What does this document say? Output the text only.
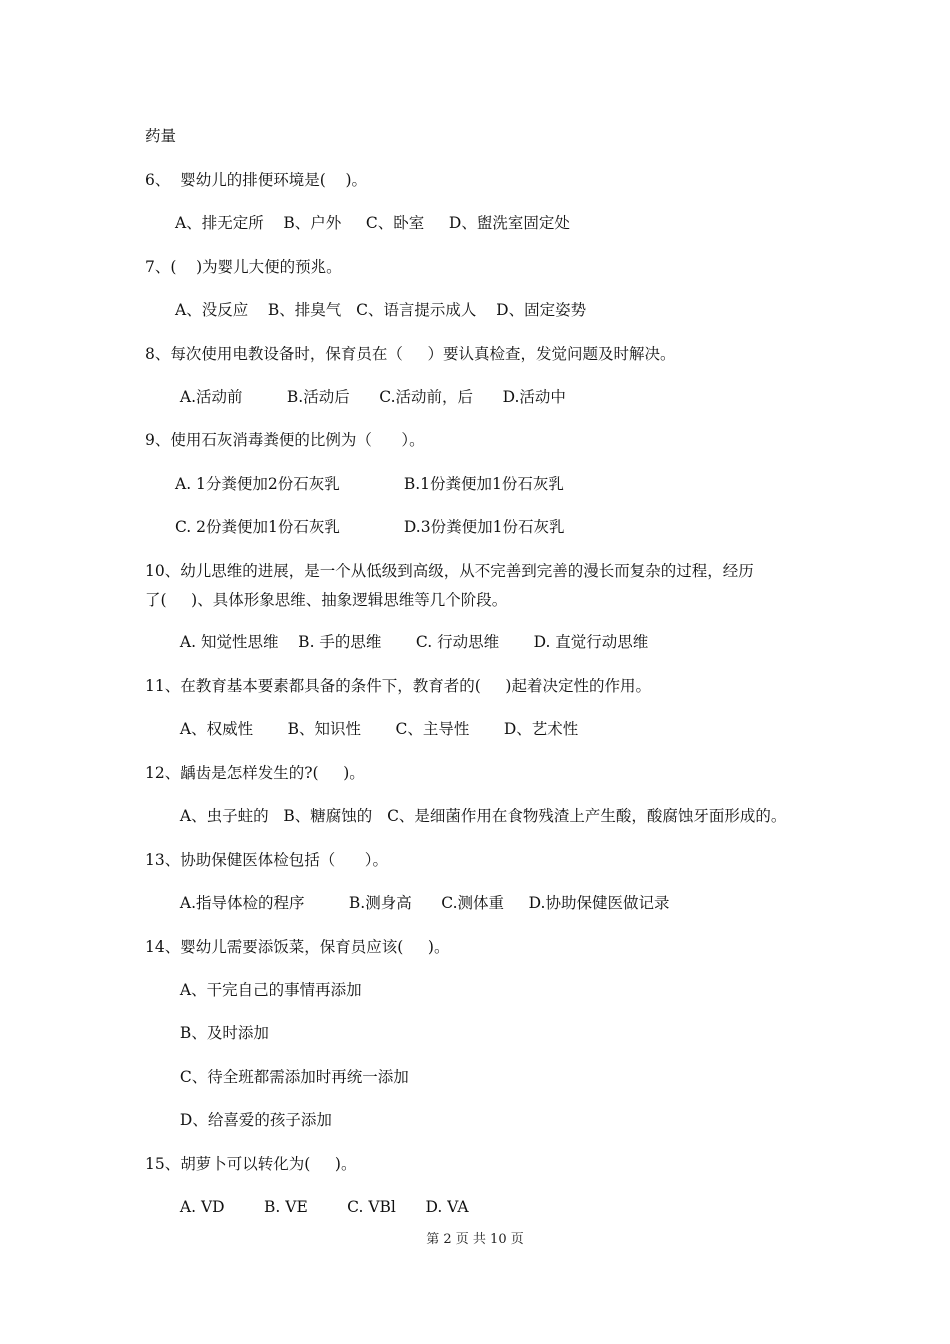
药量
6、  婴幼儿的排便环境是(    )。
A、排无定所    B、户外     C、卧室     D、盥洗室固定处
7、(    )为婴儿大便的预兆。
A、没反应    B、排臭气   C、语言提示成人    D、固定姿势
8、每次使用电教设备时，保育员在（     ）要认真检查，发觉问题及时解决。
A.活动前         B.活动后      C.活动前，后      D.活动中
9、使用石灰消毒粪便的比例为（      ）。
A. 1分粪便加2份石灰乳             B.1份粪便加1份石灰乳
C. 2份粪便加1份石灰乳             D.3份粪便加1份石灰乳
10、幼儿思维的进展，是一个从低级到高级，从不完善到完善的漫长而复杂的过程，经历
了(     )、具体形象思维、抽象逻辑思维等几个阶段。
A. 知觉性思维    B. 手的思维       C. 行动思维       D. 直觉行动思维
11、在教育基本要素都具备的条件下，教育者的(     )起着决定性的作用。
A、权威性       B、知识性       C、主导性       D、艺术性
12、龋齿是怎样发生的?(     )。
A、虫子蛀的   B、糖腐蚀的   C、是细菌作用在食物残渣上产生酸，酸腐蚀牙面形成的。
13、协助保健医体检包括（      ）。
A.指导体检的程序         B.测身高      C.测体重     D.协助保健医做记录
14、婴幼儿需要添饭菜，保育员应该(     )。
A、干完自己的事情再添加
B、及时添加
C、待全班都需添加时再统一添加
D、给喜爱的孩子添加
15、胡萝卜可以转化为(     )。
A. VD        B. VE        C. VBl      D. VA
第 2 页 共 10 页
